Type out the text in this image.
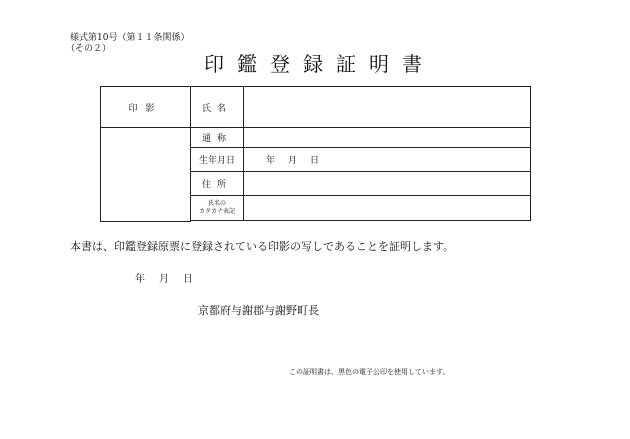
様式第10号（第１１条関係）
（その２）
印鑑登録証明書
印影	氏名	
	通称	
	生年月日	年　月　日
	住所	
	氏名の
カタカナ表記	

本書は、印鑑登録原票に登録されている印影の写しであることを証明します。
年　月　日
京都府与謝郡与謝野町長
この証明書は、黒色の電子公印を使用しています。
